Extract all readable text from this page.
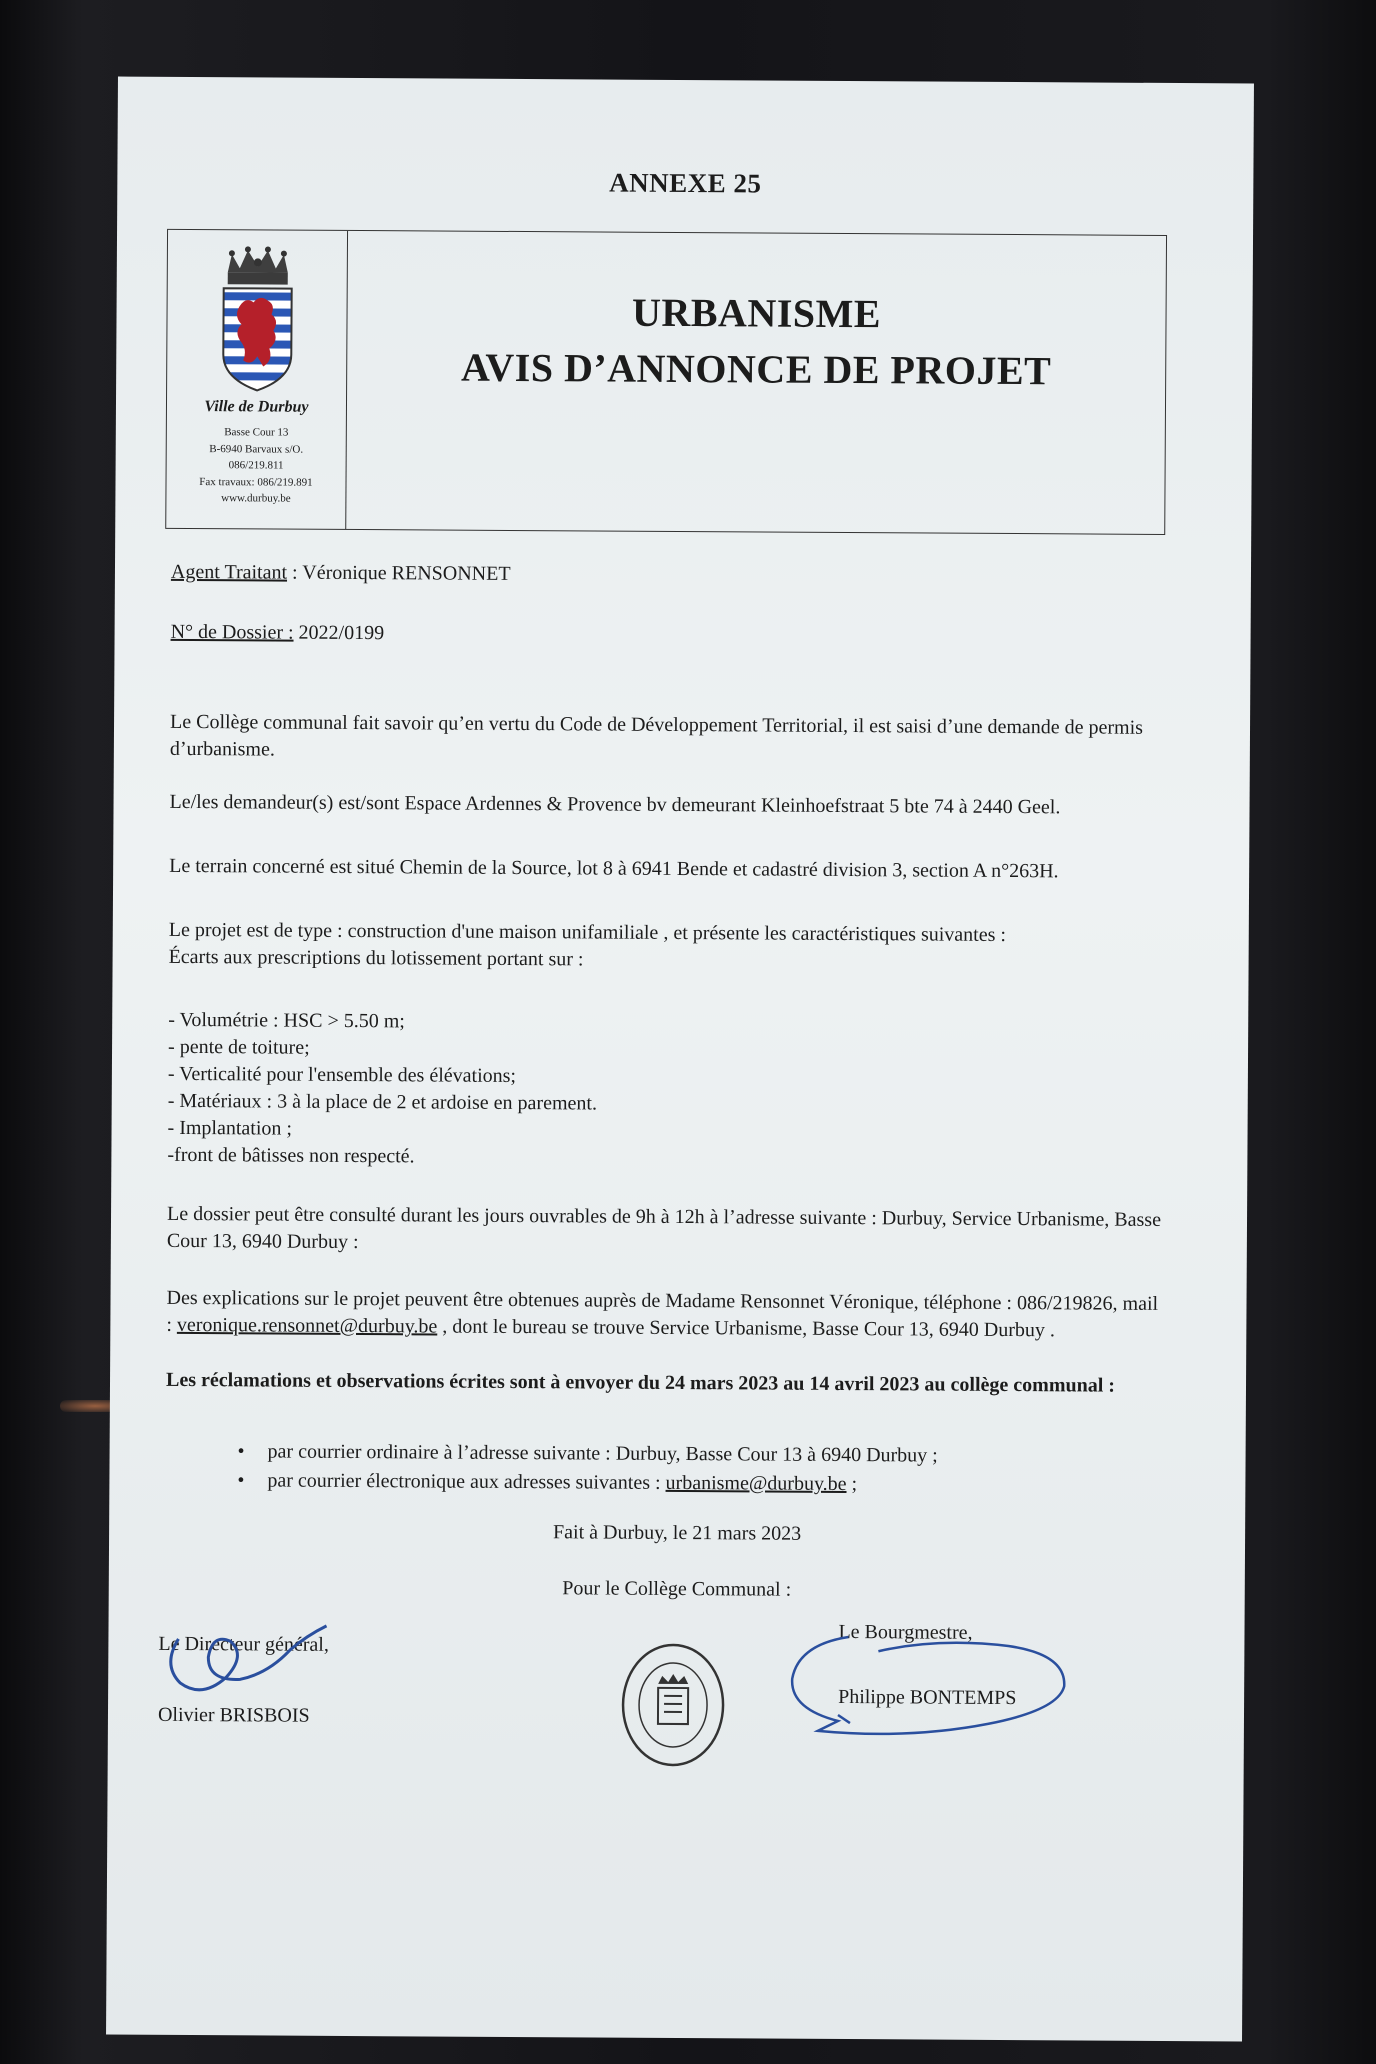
ANNEXE 25
Ville de Durbuy
Basse Cour 13
B-6940 Barvaux s/O.
086/219.811
Fax travaux: 086/219.891
www.durbuy.be
URBANISME
AVIS D’ANNONCE DE PROJET
Agent Traitant : Véronique RENSONNET
N° de Dossier : 2022/0199
Le Collège communal fait savoir qu’en vertu du Code de Développement Territorial, il est saisi d’une demande de permis d’urbanisme.
Le/les demandeur(s) est/sont Espace Ardennes & Provence bv demeurant Kleinhoefstraat 5 bte 74 à 2440 Geel.
Le terrain concerné est situé Chemin de la Source, lot 8 à 6941 Bende et cadastré division 3, section A n°263H.
Le projet est de type : construction d'une maison unifamiliale , et présente les caractéristiques suivantes :
Écarts aux prescriptions du lotissement portant sur :
- Volumétrie : HSC > 5.50 m;
- pente de toiture;
- Verticalité pour l'ensemble des élévations;
- Matériaux : 3 à la place de 2 et ardoise en parement.
- Implantation ;
-front de bâtisses non respecté.
Le dossier peut être consulté durant les jours ouvrables de 9h à 12h à l’adresse suivante : Durbuy, Service Urbanisme, Basse Cour 13, 6940 Durbuy :
Des explications sur le projet peuvent être obtenues auprès de Madame Rensonnet Véronique, téléphone : 086/219826, mail : veronique.rensonnet@durbuy.be , dont le bureau se trouve Service Urbanisme, Basse Cour 13, 6940 Durbuy .
Les réclamations et observations écrites sont à envoyer du 24 mars 2023 au 14 avril 2023 au collège communal :
• par courrier ordinaire à l’adresse suivante : Durbuy, Basse Cour 13 à 6940 Durbuy ;
• par courrier électronique aux adresses suivantes : urbanisme@durbuy.be ;
Fait à Durbuy, le 21 mars 2023
Pour le Collège Communal :
Le Directeur général,
Olivier BRISBOIS
Le Bourgmestre,
Philippe BONTEMPS
